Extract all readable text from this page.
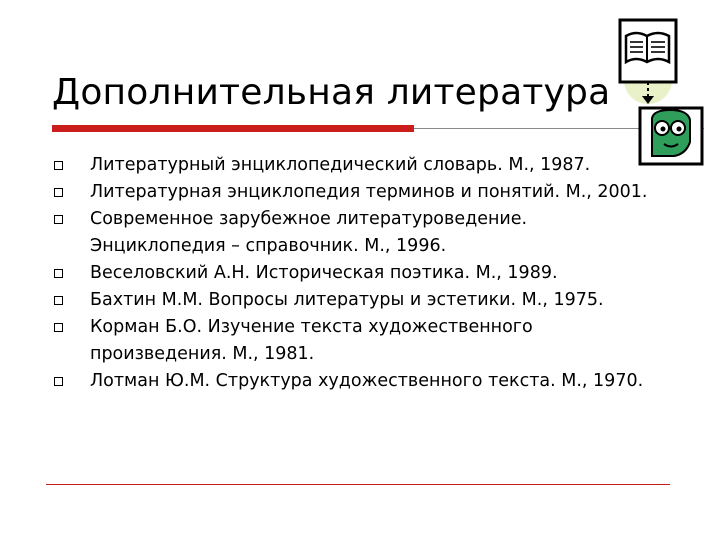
Дополнительная литература
Литературный энциклопедический словарь. М., 1987.
Литературная энциклопедия терминов и понятий. М., 2001.
Современное зарубежное литературоведение. Энциклопедия – справочник. М., 1996.
Веселовский А.Н. Историческая поэтика. М., 1989.
Бахтин М.М. Вопросы литературы и эстетики. М., 1975.
Корман Б.О. Изучение текста художественного произведения. М., 1981.
Лотман Ю.М. Структура художественного текста. М., 1970.
